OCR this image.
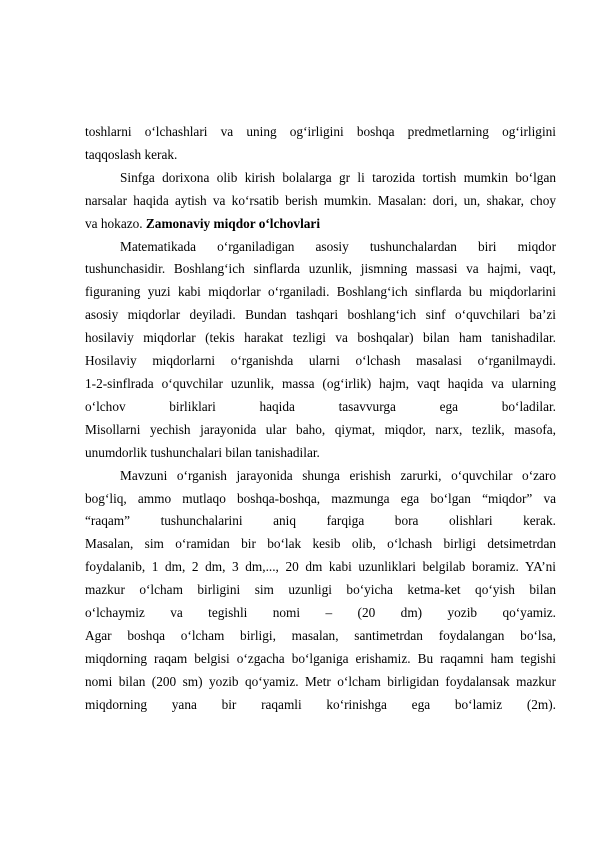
toshlarni o‘lchashlari va uning og‘irligini boshqa predmetlarning og‘irligini
taqqoslash kerak.
Sinfga dorixona olib kirish bolalarga gr li tarozida tortish mumkin bo‘lgan
narsalar haqida aytish va ko‘rsatib berish mumkin. Masalan: dori, un, shakar, choy
va hokazo. Zamonaviy miqdor o‘lchovlari
Matematikada o‘rganiladigan asosiy tushunchalardan biri miqdor
tushunchasidir. Boshlang‘ich sinflarda uzunlik, jismning massasi va hajmi, vaqt,
figuraning yuzi kabi miqdorlar o‘rganiladi. Boshlang‘ich sinflarda bu miqdorlarini
asosiy miqdorlar deyiladi. Bundan tashqari boshlang‘ich sinf o‘quvchilari ba’zi
hosilaviy miqdorlar (tekis harakat tezligi va boshqalar) bilan ham tanishadilar.
Hosilaviy miqdorlarni o‘rganishda ularni o‘lchash masalasi o‘rganilmaydi.
1-2-sinflrada o‘quvchilar uzunlik, massa (og‘irlik) hajm, vaqt haqida va ularning
o‘lchov birliklari haqida tasavvurga ega bo‘ladilar.
Misollarni yechish jarayonida ular baho, qiymat, miqdor, narx, tezlik, masofa,
unumdorlik tushunchalari bilan tanishadilar.
Mavzuni o‘rganish jarayonida shunga erishish zarurki, o‘quvchilar o‘zaro
bog‘liq, ammo mutlaqo boshqa-boshqa, mazmunga ega bo‘lgan “miqdor” va
“raqam” tushunchalarini aniq farqiga bora olishlari kerak.
Masalan, sim o‘ramidan bir bo‘lak kesib olib, o‘lchash birligi detsimetrdan
foydalanib, 1 dm, 2 dm, 3 dm,..., 20 dm kabi uzunliklari belgilab boramiz. YA’ni
mazkur o‘lcham birligini sim uzunligi bo‘yicha ketma-ket qo‘yish bilan
o‘lchaymiz va tegishli nomi – (20 dm) yozib qo‘yamiz.
Agar boshqa o‘lcham birligi, masalan, santimetrdan foydalangan bo‘lsa,
miqdorning raqam belgisi o‘zgacha bo‘lganiga erishamiz. Bu raqamni ham tegishi
nomi bilan (200 sm) yozib qo‘yamiz. Metr o‘lcham birligidan foydalansak mazkur
miqdorning yana bir raqamli ko‘rinishga ega bo‘lamiz (2m).
